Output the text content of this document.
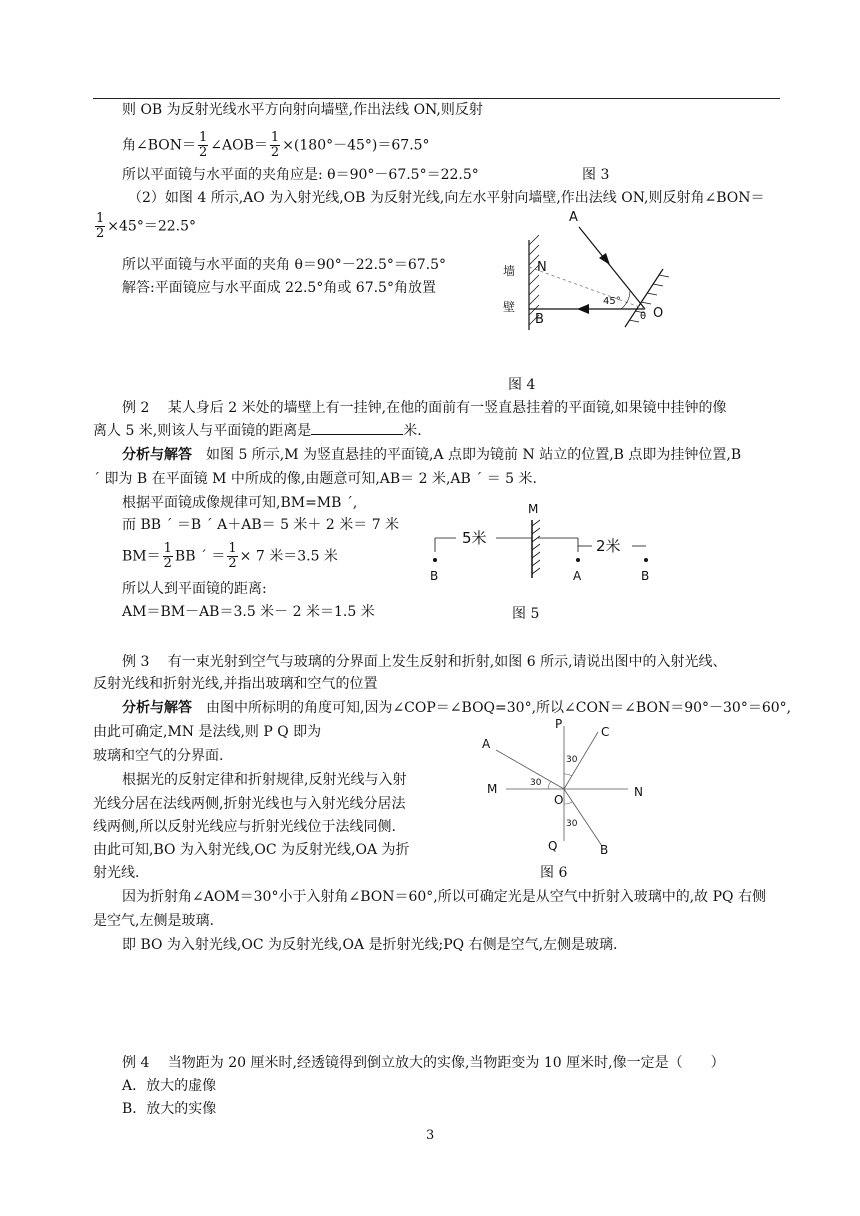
则 OB 为反射光线水平方向射向墙壁,作出法线 ON,则反射
角∠BON＝ $\frac{1}{2}$ ∠AOB＝ $\frac{1}{2} \times(180^\circ-45^\circ)=67.5^\circ$
所以平面镜与水平面的夹角应是: θ＝90°－67.5°＝22.5°	图 3
（2）如图 4 所示,AO 为入射光线,OB 为反射光线,向左水平射向墙壁,作出法线 ON,则反射角∠BON＝
$\frac{1}{2} \times 45^\circ=22.5^\circ$
所以平面镜与水平面的夹角 θ＝90°－22.5°＝67.5°
解答:平面镜应与水平面成 22.5°角或 67.5°角放置
A
N
B	O
墙
壁	45°
θ
图 4
例 2　 某人身后 2 米处的墙壁上有一挂钟,在他的面前有一竖直悬挂着的平面镜,如果镜中挂钟的像
离人 5 米,则该人与平面镜的距离是	米.
分析与解答　如图 5 所示,M 为竖直悬挂的平面镜,A 点即为镜前 N 站立的位置,B 点即为挂钟位置,B
´ 即为 B 在平面镜 M 中所成的像,由题意可知,AB＝ 2 米,AB ´ ＝ 5 米.
根据平面镜成像规律可知,BM=MB ´,
而 BB ´ ＝B ´ A＋AB＝ 5 米＋ 2 米＝ 7 米
$BM= \frac{1}{2}$ BB ´ ＝ $\frac{1}{2} \times 7$ 米＝3.5 米
所以人到平面镜的距离:
AM＝BM－AB＝3.5 米－ 2 米＝1.5 米
M
5米	2米
B	A	B
图 5
例 3　 有一束光射到空气与玻璃的分界面上发生反射和折射,如图 6 所示,请说出图中的入射光线、
反射光线和折射光线,并指出玻璃和空气的位置
分析与解答　由图中所标明的角度可知,因为∠COP＝∠BOQ=30°,所以∠CON＝∠BON＝90°－30°＝60°,
由此可确定,MN 是法线,则 P Q 即为
玻璃和空气的分界面.
根据光的反射定律和折射规律,反射光线与入射
光线分居在法线两侧,折射光线也与入射光线分居法
线两侧,所以反射光线应与折射光线位于法线同侧.
由此可知,BO 为入射光线,OC 为反射光线,OA 为折
射光线.
P
C
A
M	N
O
Q	B
30
30
30
图 6
因为折射角∠AOM＝30°小于入射角∠BON＝60°,所以可确定光是从空气中折射入玻璃中的,故 PQ 右侧
是空气,左侧是玻璃.
即 BO 为入射光线,OC 为反射光线,OA 是折射光线;PQ 右侧是空气,左侧是玻璃.
例 4　 当物距为 20 厘米时,经透镜得到倒立放大的实像,当物距变为 10 厘米时,像一定是（　　）
A．放大的虚像
B．放大的实像
3
